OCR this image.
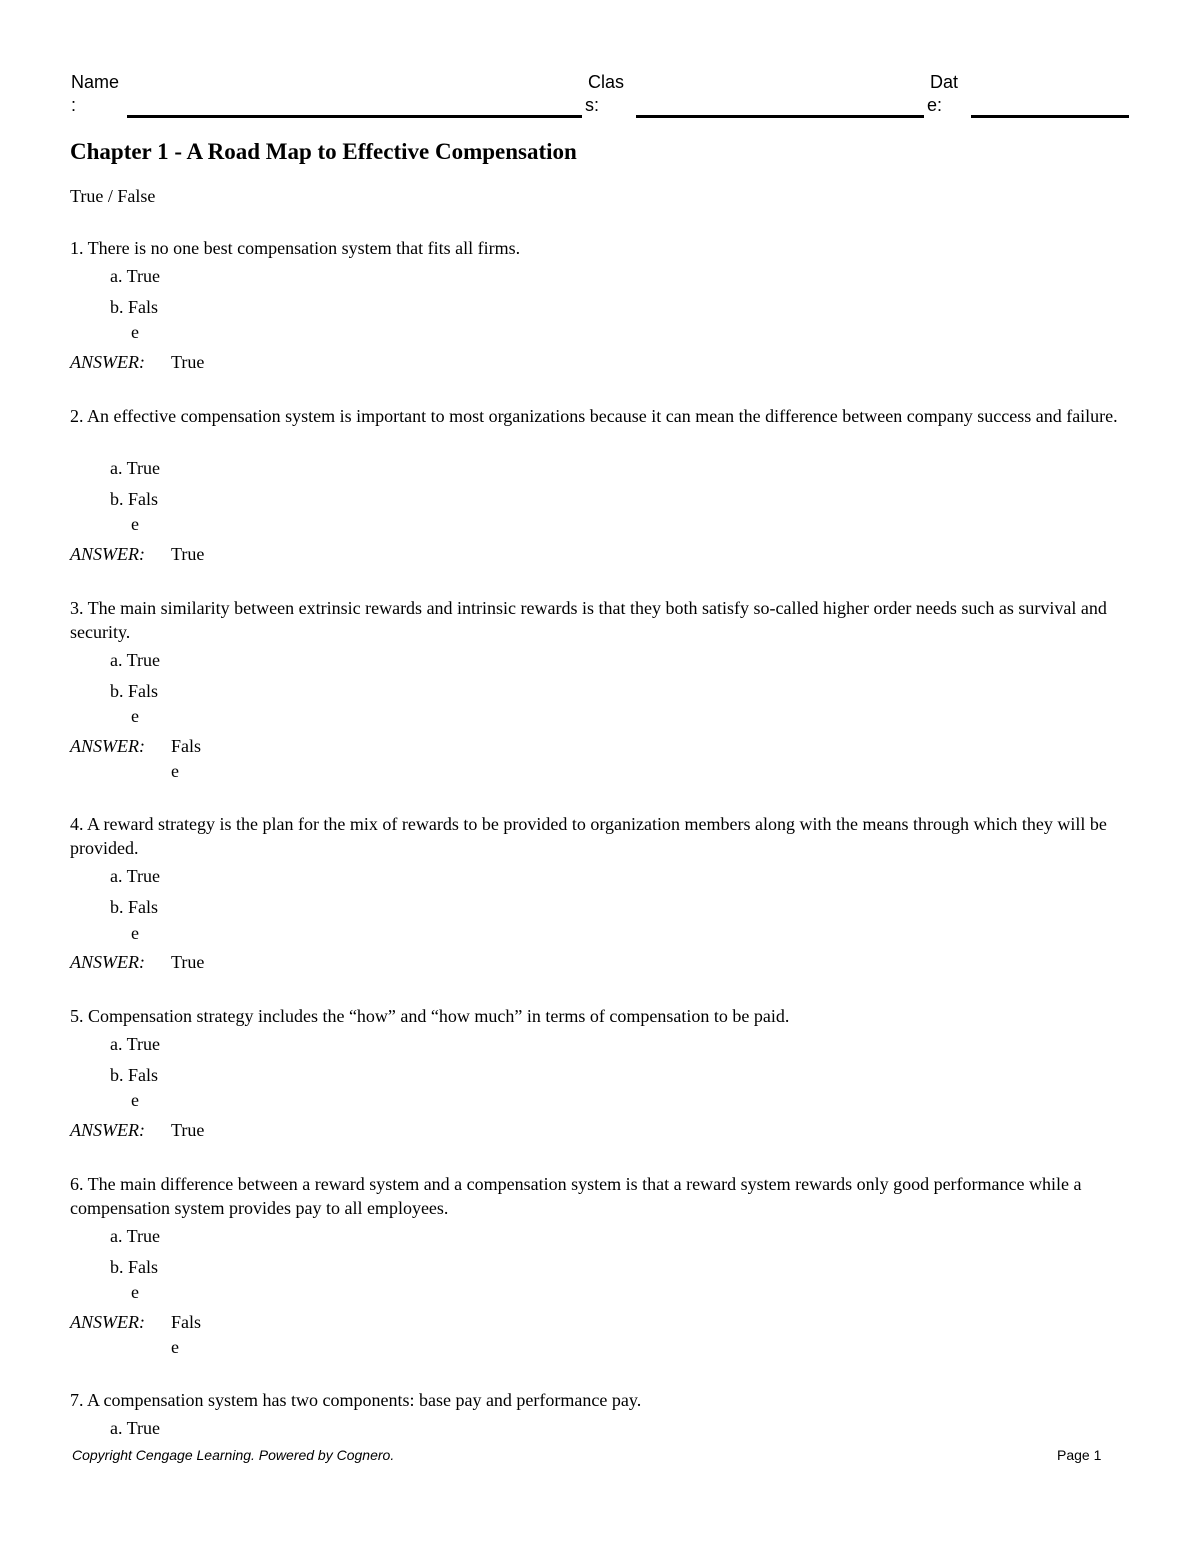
Name
:
Clas
s:
Dat
e:
Chapter 1 - A Road Map to Effective Compensation
True / False
1. There is no one best compensation system that fits all firms.
a. True
b. Fals
e
ANSWER: True
2. An effective compensation system is important to most organizations because it can mean the difference between company success and failure.
a. True
b. Fals
e
ANSWER: True
3. The main similarity between extrinsic rewards and intrinsic rewards is that they both satisfy so-called higher order needs such as survival and security.
a. True
b. Fals
e
ANSWER: Fals
e
4. A reward strategy is the plan for the mix of rewards to be provided to organization members along with the means through which they will be provided.
a. True
b. Fals
e
ANSWER: True
5. Compensation strategy includes the “how” and “how much” in terms of compensation to be paid.
a. True
b. Fals
e
ANSWER: True
6. The main difference between a reward system and a compensation system is that a reward system rewards only good performance while a compensation system provides pay to all employees.
a. True
b. Fals
e
ANSWER: Fals
e
7. A compensation system has two components: base pay and performance pay.
a. True
Copyright Cengage Learning. Powered by Cognero.	Page 1
